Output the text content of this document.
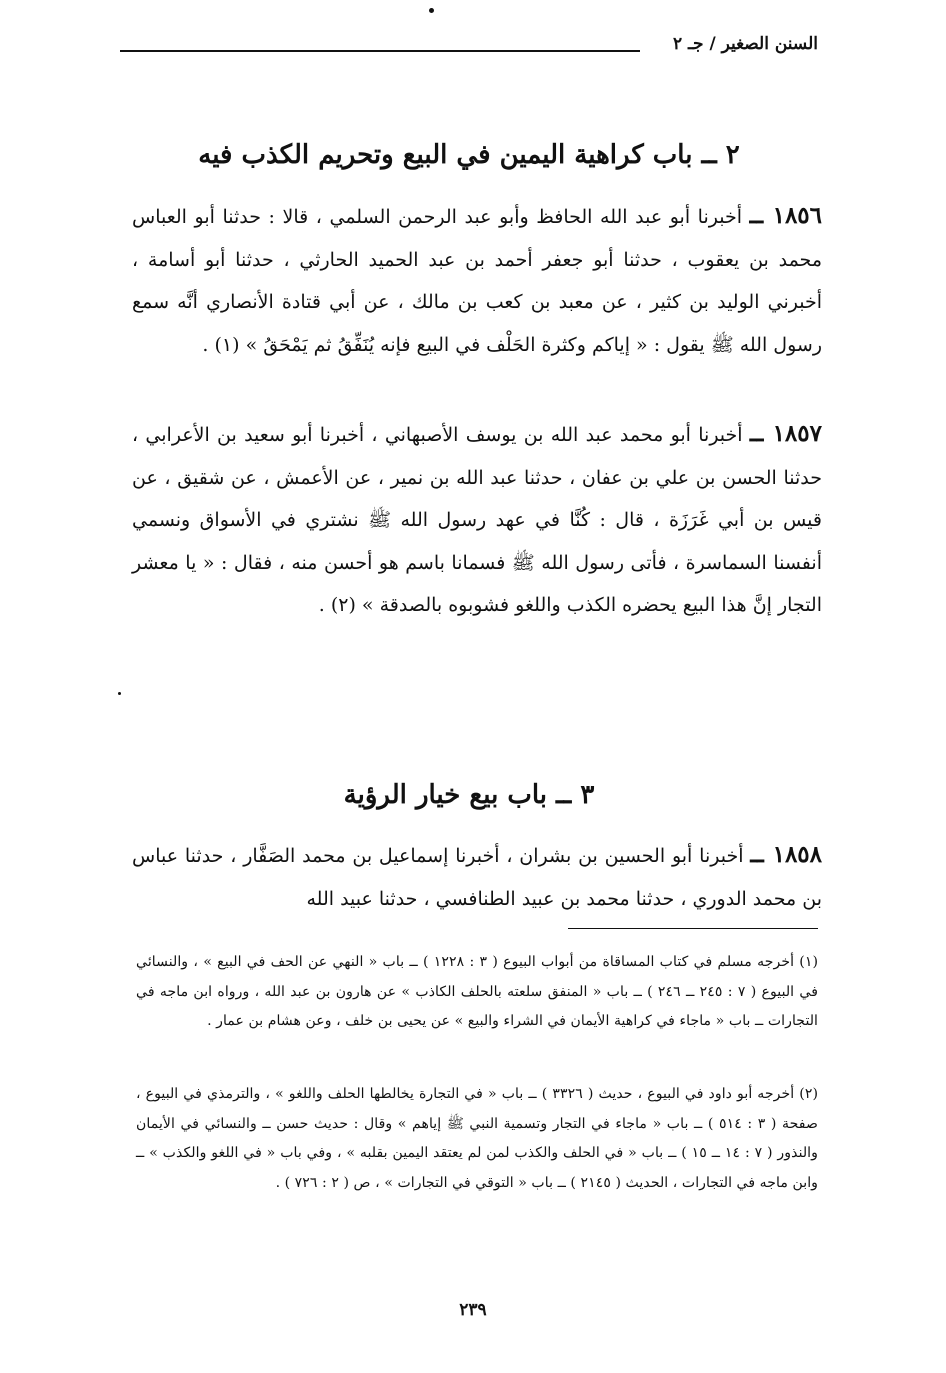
السنن الصغير / جـ ٢
٢ ــ باب كراهية اليمين في البيع وتحريم الكذب فيه
١٨٥٦ ــ أخبرنا أبو عبد الله الحافظ وأبو عبد الرحمن السلمي ، قالا : حدثنا أبو العباس محمد بن يعقوب ، حدثنا أبو جعفر أحمد بن عبد الحميد الحارثي ، حدثنا أبو أسامة ، أخبرني الوليد بن كثير ، عن معبد بن كعب بن مالك ، عن أبي قتادة الأنصاري أنَّه سمع رسول الله ﷺ يقول : « إياكم وكثرة الحَلْف في البيع فإنه يُنَفِّقُ ثم يَمْحَقُ » (١) .
١٨٥٧ ــ أخبرنا أبو محمد عبد الله بن يوسف الأصبهاني ، أخبرنا أبو سعيد بن الأعرابي ، حدثنا الحسن بن علي بن عفان ، حدثنا عبد الله بن نمير ، عن الأعمش ، عن شقيق ، عن قيس بن أبي غَرَزَة ، قال : كُنَّا في عهد رسول الله ﷺ نشتري في الأسواق ونسمي أنفسنا السماسرة ، فأتى رسول الله ﷺ فسمانا باسم هو أحسن منه ، فقال : « يا معشر التجار إنَّ هذا البيع يحضره الكذب واللغو فشوبوه بالصدقة » (٢) .
٣ ــ باب بيع خيار الرؤية
١٨٥٨ ــ أخبرنا أبو الحسين بن بشران ، أخبرنا إسماعيل بن محمد الصَفَّار ، حدثنا عباس بن محمد الدوري ، حدثنا محمد بن عبيد الطنافسي ، حدثنا عبيد الله
(١) أخرجه مسلم في كتاب المساقاة من أبواب البيوع ( ٣ : ١٢٢٨ ) ــ باب « النهي عن الحف في البيع » ، والنسائي في البيوع ( ٧ : ٢٤٥ ــ ٢٤٦ ) ــ باب « المنفق سلعته بالحلف الكاذب » عن هارون بن عبد الله ، ورواه ابن ماجه في التجارات ــ باب « ماجاء في كراهية الأيمان في الشراء والبيع » عن يحيى بن خلف ، وعن هشام بن عمار .
(٢) أخرجه أبو داود في البيوع ، حديث ( ٣٣٢٦ ) ــ باب « في التجارة يخالطها الحلف واللغو » ، والترمذي في البيوع ، صفحة ( ٣ : ٥١٤ ) ــ باب « ماجاء في التجار وتسمية النبي ﷺ إياهم » وقال : حديث حسن ــ والنسائي في الأيمان والنذور ( ٧ : ١٤ ــ ١٥ ) ــ باب « في الحلف والكذب لمن لم يعتقد اليمين بقلبه » ، وفي باب « في اللغو والكذب » ــ وابن ماجه في التجارات ، الحديث ( ٢١٤٥ ) ــ باب « التوقي في التجارات » ، ص ( ٢ : ٧٢٦ ) .
٢٣٩
